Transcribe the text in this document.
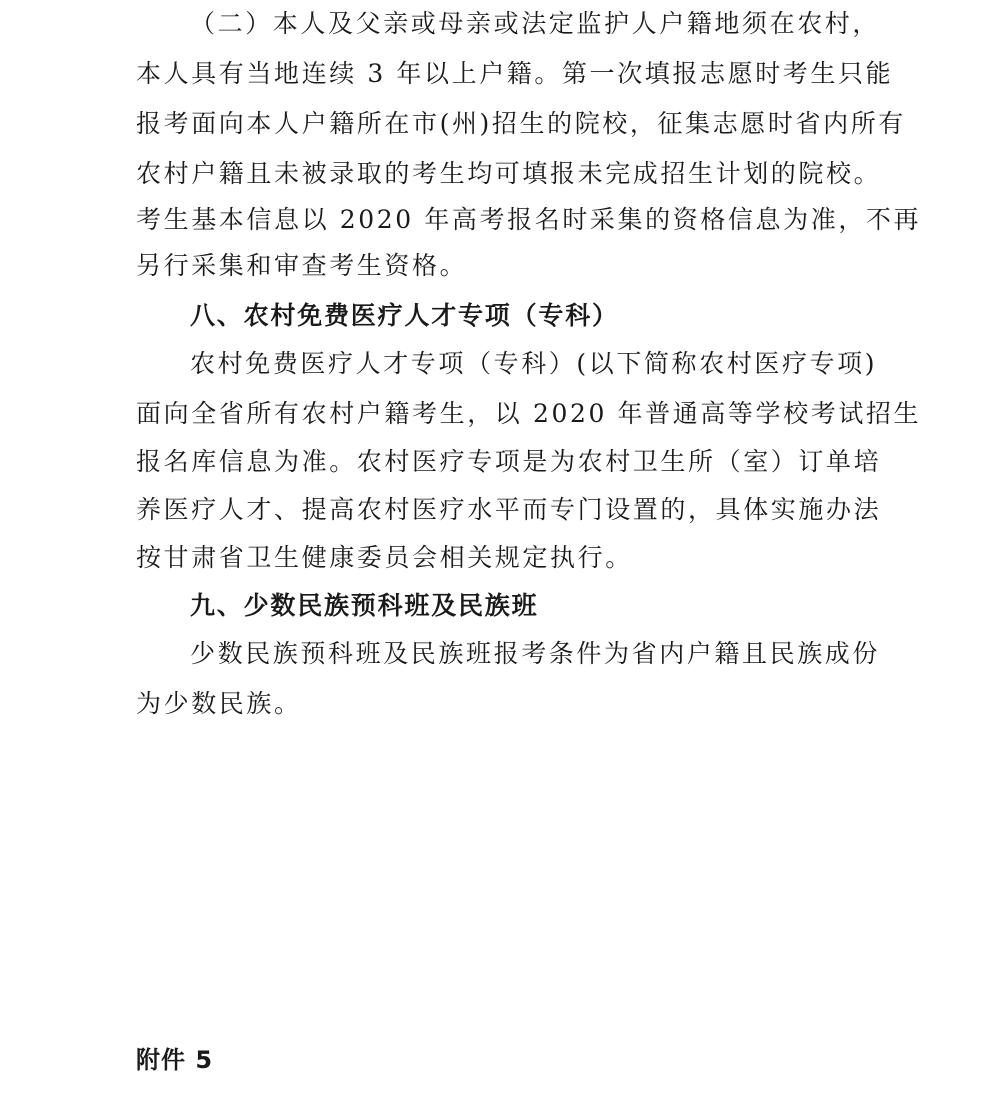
（二）本人及父亲或母亲或法定监护人户籍地须在农村，
本人具有当地连续 3 年以上户籍。第一次填报志愿时考生只能
报考面向本人户籍所在市(州)招生的院校，征集志愿时省内所有
农村户籍且未被录取的考生均可填报未完成招生计划的院校。
考生基本信息以 2020 年高考报名时采集的资格信息为准，不再
另行采集和审查考生资格。
八、农村免费医疗人才专项（专科）
农村免费医疗人才专项（专科）(以下简称农村医疗专项)
面向全省所有农村户籍考生，以 2020 年普通高等学校考试招生
报名库信息为准。农村医疗专项是为农村卫生所（室）订单培
养医疗人才、提高农村医疗水平而专门设置的，具体实施办法
按甘肃省卫生健康委员会相关规定执行。
九、少数民族预科班及民族班
少数民族预科班及民族班报考条件为省内户籍且民族成份
为少数民族。
附件 5
